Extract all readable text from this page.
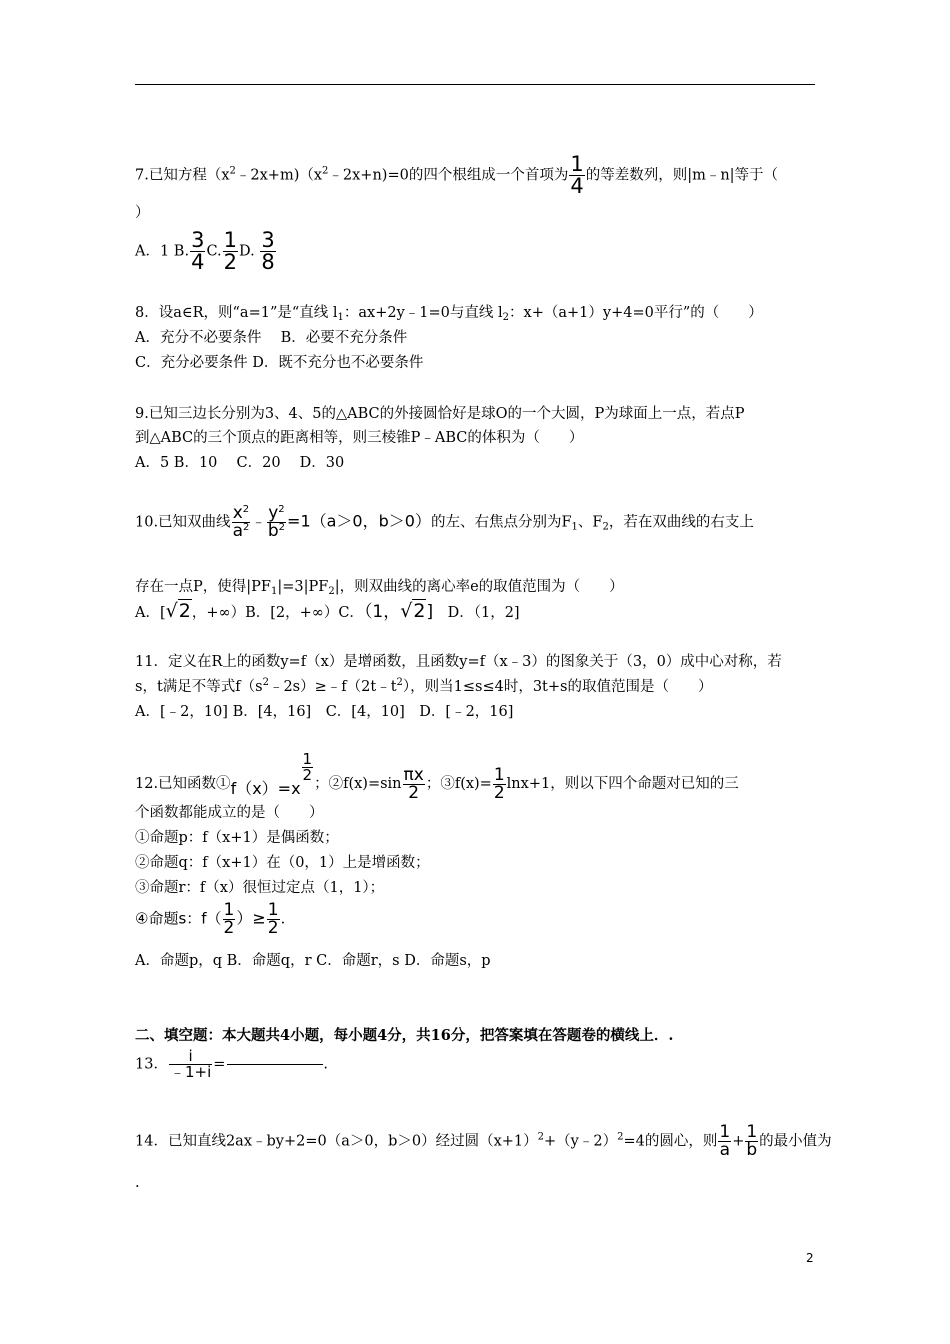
7.已知方程$(x^2﹣2x+m)(x^2﹣2x+n)=0$的四个根组成一个首项为 $\frac{1}{4}$ 的等差数列，则|m﹣n|等于（
）
A．1 B. $\frac{3}{4} C$. $\frac{1}{2} D$. $\frac{3}{8}$
8．设a∈R，则“a=1”是“直线 $l_1$：ax+2y﹣1=0与直线 $l_2$：x+（a+1）y+4=0平行”的（　　）
A．充分不必要条件　 B．必要不充分条件
C．充分必要条件 D．既不充分也不必要条件
9.已知三边长分别为3、4、5的△ABC的外接圆恰好是球O的一个大圆，P为球面上一点，若点P
到△ABC的三个顶点的距离相等，则三棱锥P﹣ABC的体积为（　　）
A．5 B．10　 C．20　 D．30
10.已知双曲线 $\frac{x^2}{a^2}$ ﹣ $\frac{y^2}{b^2} =1(a>0$，b＞0）的左、右焦点分别为$F_1$、$F_2$，若在双曲线的右支上
存在一点P，使得$|PF_1|=3|PF_2|$，则双曲线的离心率e的取值范围为（　　）
A．[√2，+∞）B．[2，+∞）C．（1，√2]　D．（1，2]
11．定义在R上的函数y=f（x）是增函数，且函数y=f（x﹣3）的图象关于（3，0）成中心对称，若
s，t满足不等式$f(s^2﹣2s)\ge﹣f(2t﹣t^2)$，则当1≤s≤4时，3t+s的取值范围是（　　）
A．[﹣2，10] B．[4，16]　C．[4，10]　D．[﹣2，16]
12.已知函数①f（x）=x
$\frac{1}{2}$
；②f(x)=sin $\frac{\pi x}{2}$ ；③f(x)= $\frac{1}{2} \ln x+1$，则以下四个命题对已知的三
个函数都能成立的是（　　）
①命题p：f（x+1）是偶函数；
②命题q：f（x+1）在（0，1）上是增函数；
③命题r：f（x）很恒过定点（1，1）；
④命题s：$f( \frac{1}{2}$ ）≥ $\frac{1}{2}$ .
A．命题p，q B．命题q，r C．命题r，s D．命题s，p
二、填空题：本大题共4小题，每小题4分，共16分，把答案填在答题卷的横线上．.
13． $\frac{i}{﹣1+i}$ =	.
14．已知直线2ax﹣by+2=0（a＞0，b＞0）经过圆$(x+1)^2+(y﹣2)^2=4$的圆心，则 $\frac{1}{a} + \frac{1}{b}$ 的最小值为
.
2
